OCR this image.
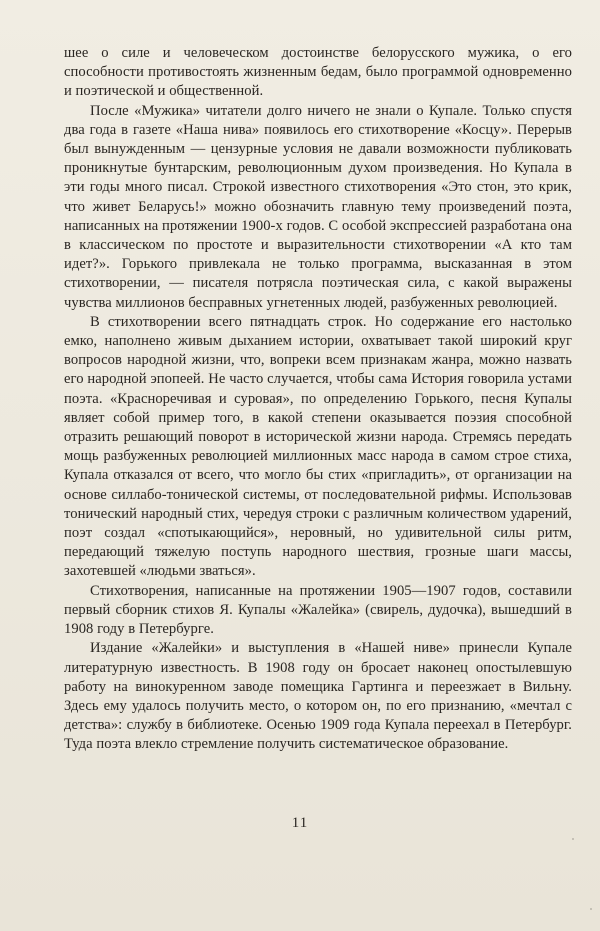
шее о силе и человеческом достоинстве белорусского мужика, о его способности противостоять жизненным бедам, было программой одновременно и поэтической и общественной.

После «Мужика» читатели долго ничего не знали о Купале. Только спустя два года в газете «Наша нива» появилось его стихотворение «Косцу». Перерыв был вынужденным — цензурные условия не давали возможности публиковать проникнутые бунтарским, революционным духом произведения. Но Купала в эти годы много писал. Строкой известного стихотворения «Это стон, это крик, что живет Беларусь!» можно обозначить главную тему произведений поэта, написанных на протяжении 1900-х годов. С особой экспрессией разработана она в классическом по простоте и выразительности стихотворении «А кто там идет?». Горького привлекала не только программа, высказанная в этом стихотворении, — писателя потрясла поэтическая сила, с какой выражены чувства миллионов бесправных угнетенных людей, разбуженных революцией.

В стихотворении всего пятнадцать строк. Но содержание его настолько емко, наполнено живым дыханием истории, охватывает такой широкий круг вопросов народной жизни, что, вопреки всем признакам жанра, можно назвать его народной эпопеей. Не часто случается, чтобы сама История говорила устами поэта. «Красноречивая и суровая», по определению Горького, песня Купалы являет собой пример того, в какой степени оказывается поэзия способной отразить решающий поворот в исторической жизни народа. Стремясь передать мощь разбуженных революцией миллионных масс народа в самом строе стиха, Купала отказался от всего, что могло бы стих «пригладить», от организации на основе силлабо-тонической системы, от последовательной рифмы. Использовав тонический народный стих, чередуя строки с различным количеством ударений, поэт создал «спотыкающийся», неровный, но удивительной силы ритм, передающий тяжелую поступь народного шествия, грозные шаги массы, захотевшей «людьми зваться».

Стихотворения, написанные на протяжении 1905—1907 годов, составили первый сборник стихов Я. Купалы «Жалейка» (свирель, дудочка), вышедший в 1908 году в Петербурге.

Издание «Жалейки» и выступления в «Нашей ниве» принесли Купале литературную известность. В 1908 году он бросает наконец опостылевшую работу на винокуренном заводе помещика Гартинга и переезжает в Вильну. Здесь ему удалось получить место, о котором он, по его признанию, «мечтал с детства»: службу в библиотеке. Осенью 1909 года Купала переехал в Петербург. Туда поэта влекло стремление получить систематическое образование.

11
